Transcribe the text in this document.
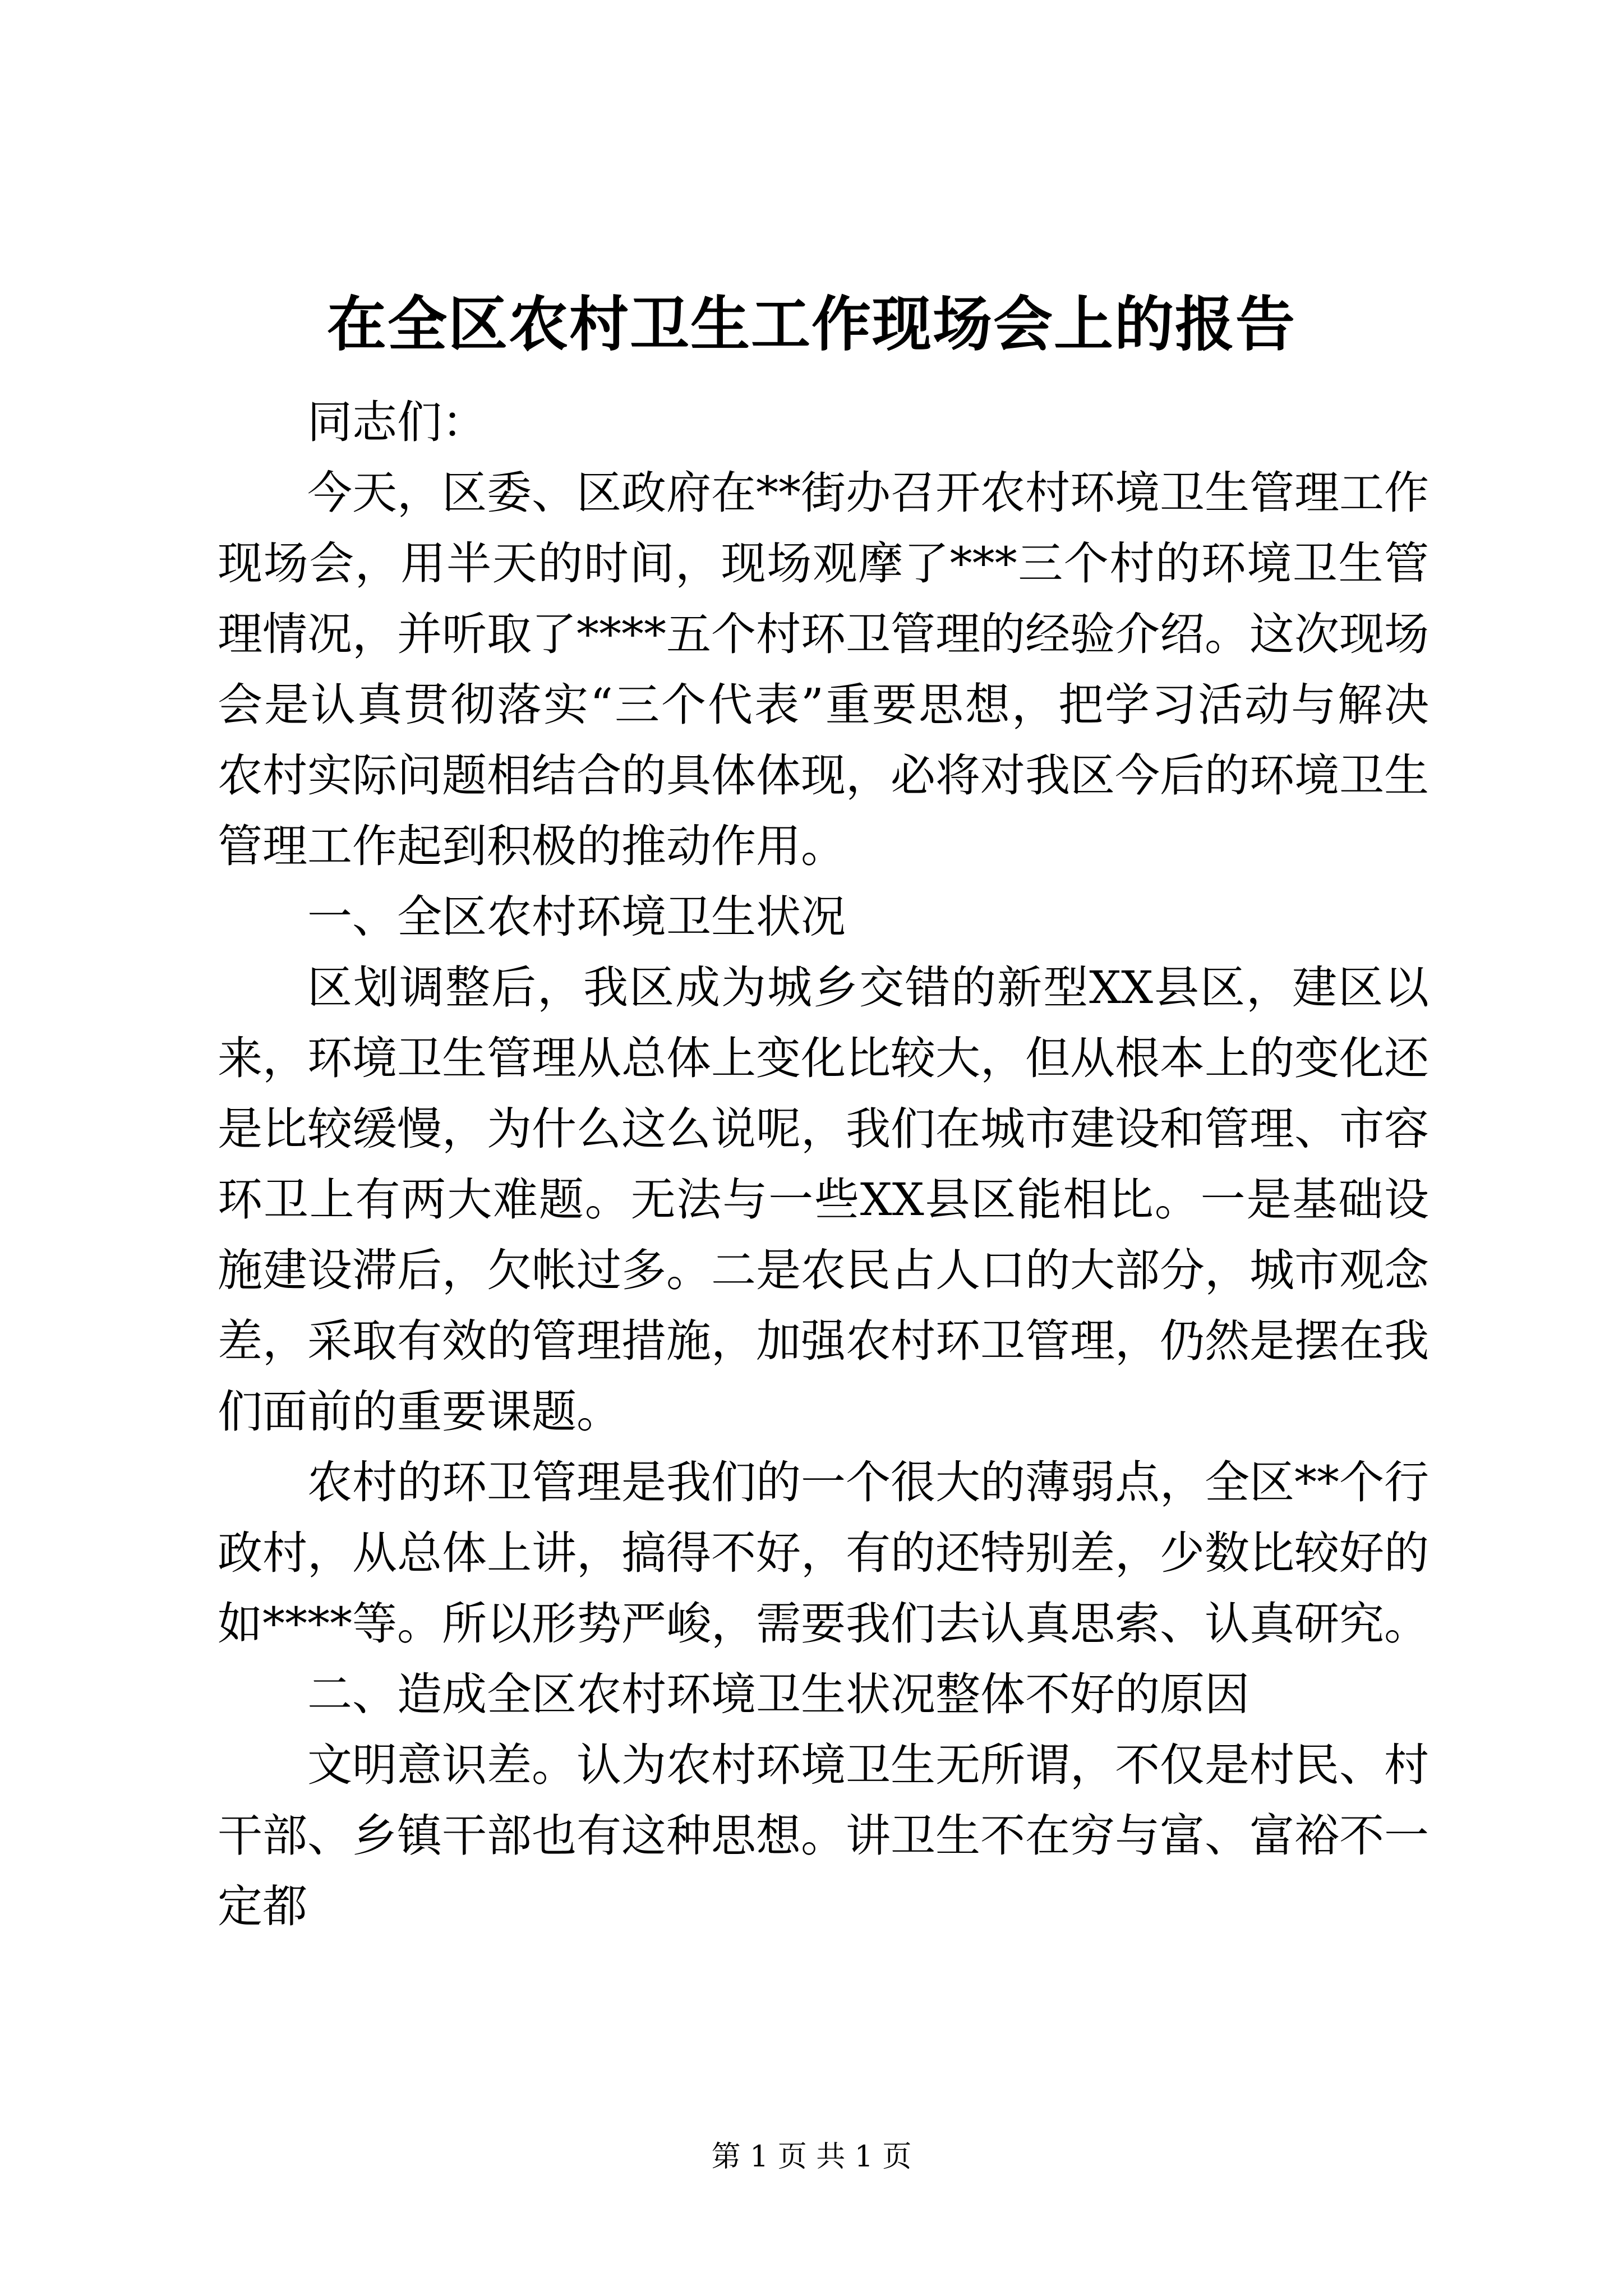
在全区农村卫生工作现场会上的报告

同志们：

今天，区委、区政府在**街办召开农村环境卫生管理工作现场会，用半天的时间，现场观摩了***三个村的环境卫生管理情况，并听取了****五个村环卫管理的经验介绍。这次现场会是认真贯彻落实“三个代表”重要思想，把学习活动与解决农村实际问题相结合的具体体现，必将对我区今后的环境卫生管理工作起到积极的推动作用。

一、全区农村环境卫生状况

区划调整后，我区成为城乡交错的新型XX县区，建区以来，环境卫生管理从总体上变化比较大，但从根本上的变化还是比较缓慢，为什么这么说呢，我们在城市建设和管理、市容环卫上有两大难题。无法与一些XX县区能相比。一是基础设施建设滞后，欠帐过多。二是农民占人口的大部分，城市观念差，采取有效的管理措施，加强农村环卫管理，仍然是摆在我们面前的重要课题。

农村的环卫管理是我们的一个很大的薄弱点，全区**个行政村，从总体上讲，搞得不好，有的还特别差，少数比较好的如****等。所以形势严峻，需要我们去认真思索、认真研究。

二、造成全区农村环境卫生状况整体不好的原因

文明意识差。认为农村环境卫生无所谓，不仅是村民、村干部、乡镇干部也有这种思想。讲卫生不在穷与富、富裕不一定都

第 1 页 共 1 页
